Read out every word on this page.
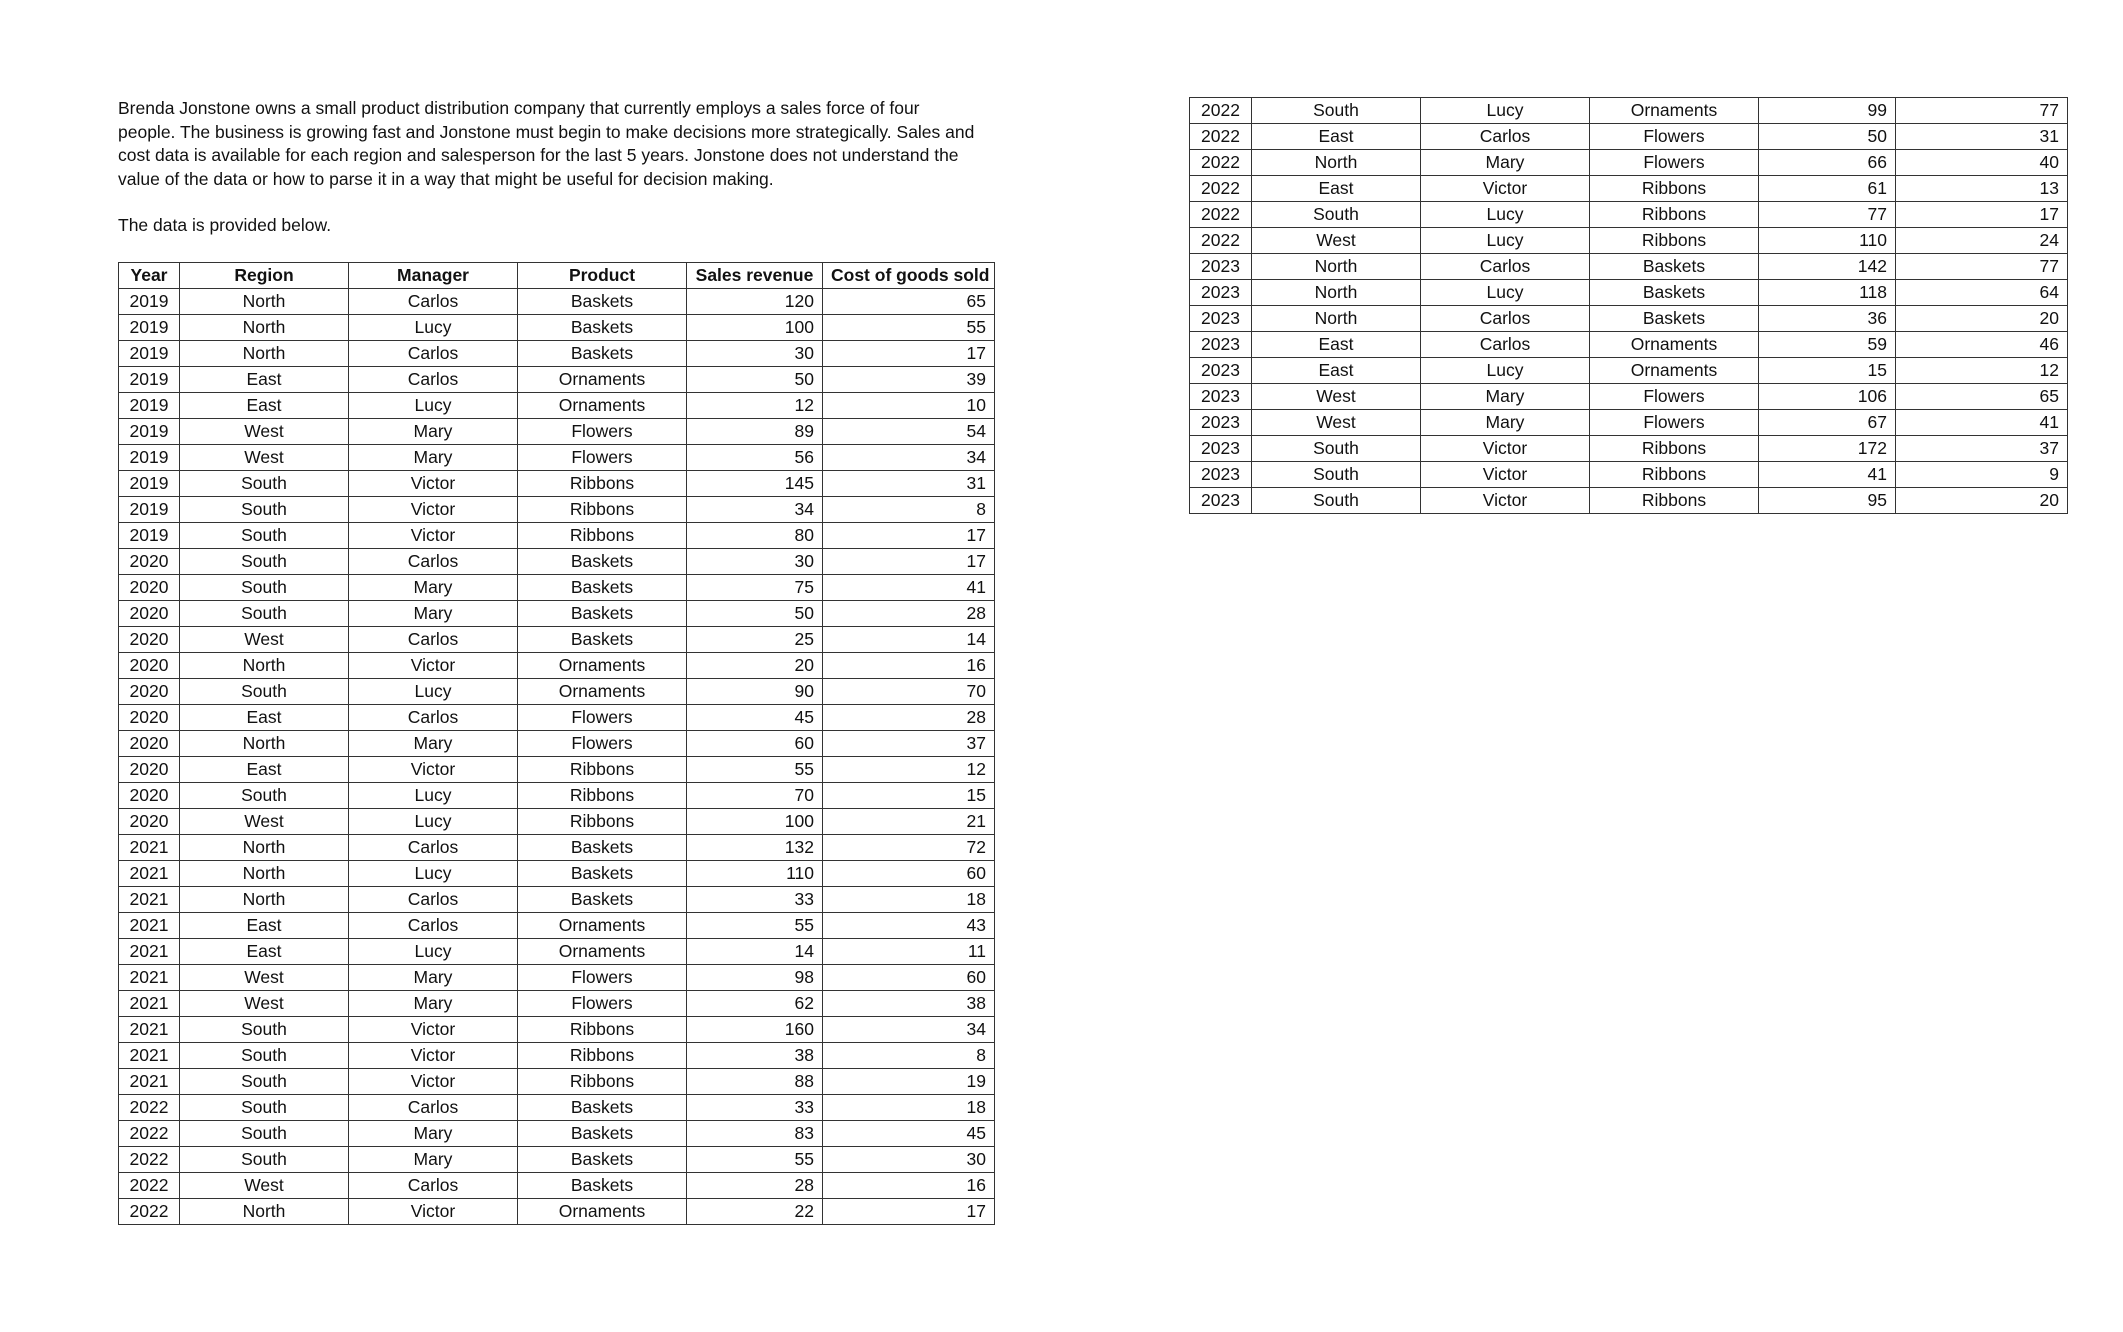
Brenda Jonstone owns a small product distribution company that currently employs a sales force of four people. The business is growing fast and Jonstone must begin to make decisions more strategically. Sales and cost data is available for each region and salesperson for the last 5 years. Jonstone does not understand the value of the data or how to parse it in a way that might be useful for decision making.

The data is provided below.

Year	Region	Manager	Product	Sales revenue	Cost of goods sold
2019	North	Carlos	Baskets	120	65
2019	North	Lucy	Baskets	100	55
2019	North	Carlos	Baskets	30	17
2019	East	Carlos	Ornaments	50	39
2019	East	Lucy	Ornaments	12	10
2019	West	Mary	Flowers	89	54
2019	West	Mary	Flowers	56	34
2019	South	Victor	Ribbons	145	31
2019	South	Victor	Ribbons	34	8
2019	South	Victor	Ribbons	80	17
2020	South	Carlos	Baskets	30	17
2020	South	Mary	Baskets	75	41
2020	South	Mary	Baskets	50	28
2020	West	Carlos	Baskets	25	14
2020	North	Victor	Ornaments	20	16
2020	South	Lucy	Ornaments	90	70
2020	East	Carlos	Flowers	45	28
2020	North	Mary	Flowers	60	37
2020	East	Victor	Ribbons	55	12
2020	South	Lucy	Ribbons	70	15
2020	West	Lucy	Ribbons	100	21
2021	North	Carlos	Baskets	132	72
2021	North	Lucy	Baskets	110	60
2021	North	Carlos	Baskets	33	18
2021	East	Carlos	Ornaments	55	43
2021	East	Lucy	Ornaments	14	11
2021	West	Mary	Flowers	98	60
2021	West	Mary	Flowers	62	38
2021	South	Victor	Ribbons	160	34
2021	South	Victor	Ribbons	38	8
2021	South	Victor	Ribbons	88	19
2022	South	Carlos	Baskets	33	18
2022	South	Mary	Baskets	83	45
2022	South	Mary	Baskets	55	30
2022	West	Carlos	Baskets	28	16
2022	North	Victor	Ornaments	22	17
2022	South	Lucy	Ornaments	99	77
2022	East	Carlos	Flowers	50	31
2022	North	Mary	Flowers	66	40
2022	East	Victor	Ribbons	61	13
2022	South	Lucy	Ribbons	77	17
2022	West	Lucy	Ribbons	110	24
2023	North	Carlos	Baskets	142	77
2023	North	Lucy	Baskets	118	64
2023	North	Carlos	Baskets	36	20
2023	East	Carlos	Ornaments	59	46
2023	East	Lucy	Ornaments	15	12
2023	West	Mary	Flowers	106	65
2023	West	Mary	Flowers	67	41
2023	South	Victor	Ribbons	172	37
2023	South	Victor	Ribbons	41	9
2023	South	Victor	Ribbons	95	20
